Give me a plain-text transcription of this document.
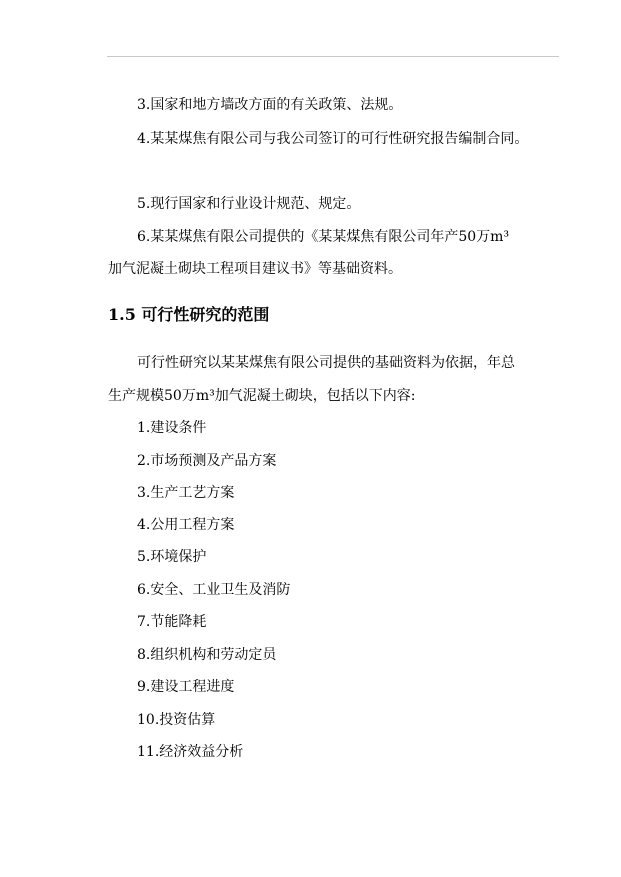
3.国家和地方墙改方面的有关政策、法规。
4.某某煤焦有限公司与我公司签订的可行性研究报告编制合同。
5.现行国家和行业设计规范、规定。
6.某某煤焦有限公司提供的《某某煤焦有限公司年产50万m³
加气泥凝土砌块工程项目建议书》等基础资料。
1.5 可行性研究的范围
可行性研究以某某煤焦有限公司提供的基础资料为依据，年总
生产规模50万m³加气泥凝土砌块，包括以下内容:
1.建设条件
2.市场预测及产品方案
3.生产工艺方案
4.公用工程方案
5.环境保护
6.安全、工业卫生及消防
7.节能降耗
8.组织机构和劳动定员
9.建设工程进度
10.投资估算
11.经济效益分析
